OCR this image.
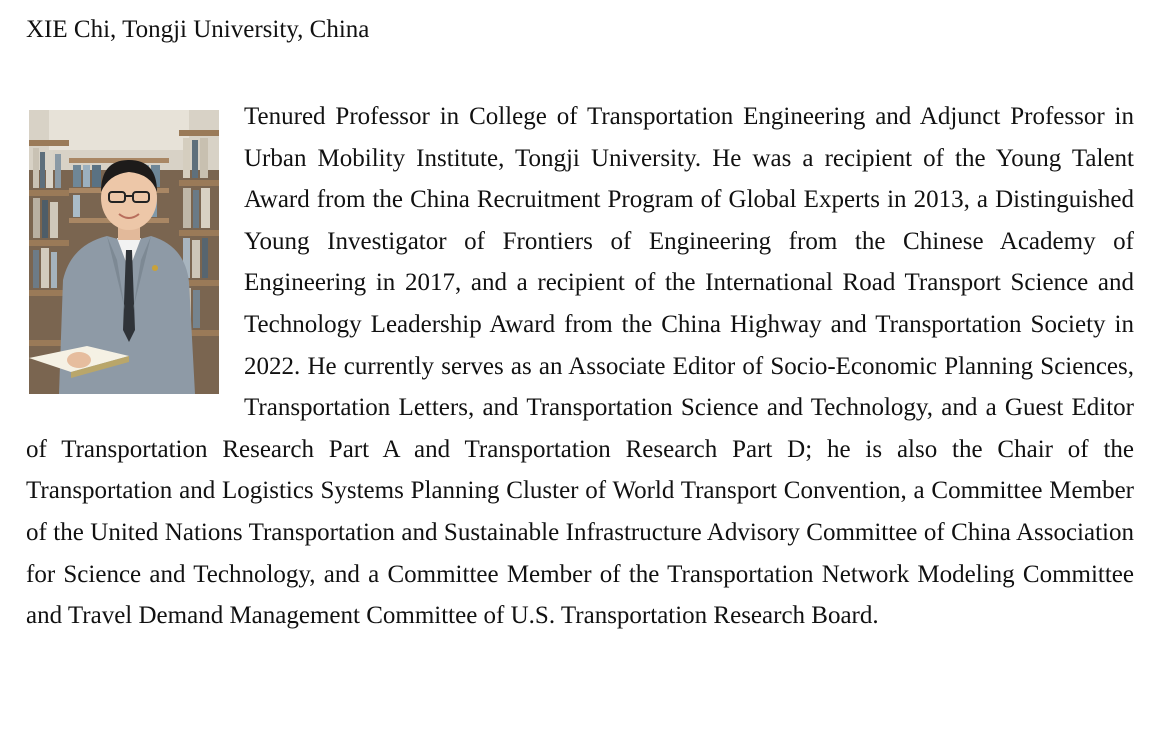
XIE Chi, Tongji University, China
Tenured Professor in College of Transportation Engineering and Adjunct Professor in Urban Mobility Institute, Tongji University. He was a recipient of the Young Talent Award from the China Recruitment Program of Global Experts in 2013, a Distinguished Young Investigator of Frontiers of Engineering from the Chinese Academy of Engineering in 2017, and a recipient of the International Road Transport Science and Technology Leadership Award from the China Highway and Transportation Society in 2022. He currently serves as an Associate Editor of Socio-Economic Planning Sciences, Transportation Letters, and Transportation Science and Technology, and a Guest Editor of Transportation Research Part A and Transportation Research Part D; he is also the Chair of the Transportation and Logistics Systems Planning Cluster of World Transport Convention, a Committee Member of the United Nations Transportation and Sustainable Infrastructure Advisory Committee of China Association for Science and Technology, and a Committee Member of the Transportation Network Modeling Committee and Travel Demand Management Committee of U.S. Transportation Research Board.
